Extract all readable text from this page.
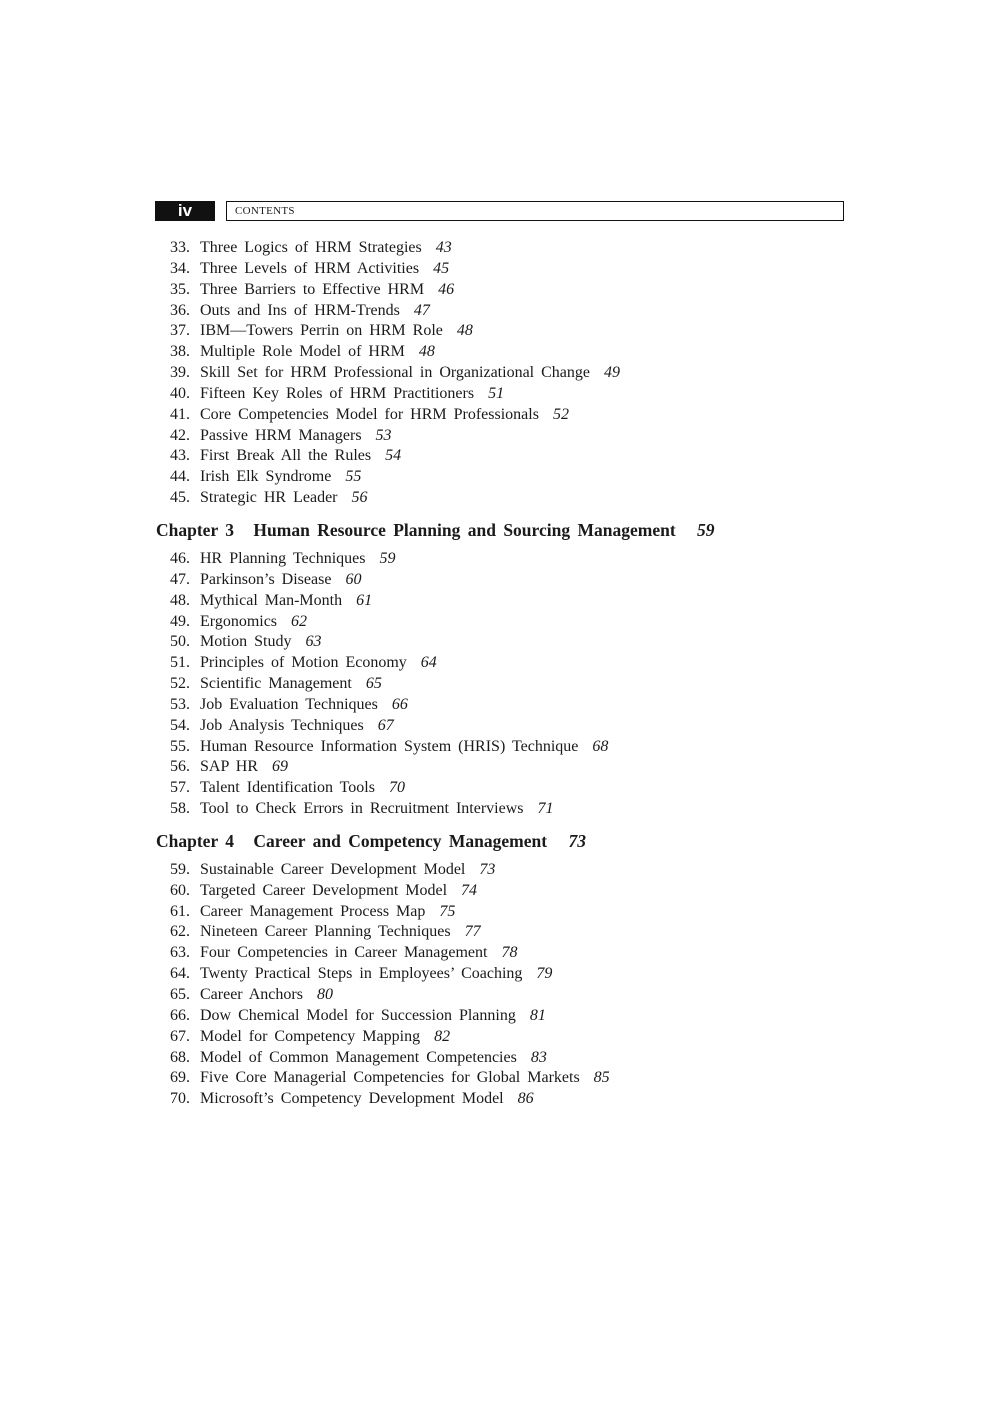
iv	CONTENTS
33. Three Logics of HRM Strategies 43
34. Three Levels of HRM Activities 45
35. Three Barriers to Effective HRM 46
36. Outs and Ins of HRM-Trends 47
37. IBM—Towers Perrin on HRM Role 48
38. Multiple Role Model of HRM 48
39. Skill Set for HRM Professional in Organizational Change 49
40. Fifteen Key Roles of HRM Practitioners 51
41. Core Competencies Model for HRM Professionals 52
42. Passive HRM Managers 53
43. First Break All the Rules 54
44. Irish Elk Syndrome 55
45. Strategic HR Leader 56
Chapter 3 Human Resource Planning and Sourcing Management 59
46. HR Planning Techniques 59
47. Parkinson’s Disease 60
48. Mythical Man-Month 61
49. Ergonomics 62
50. Motion Study 63
51. Principles of Motion Economy 64
52. Scientific Management 65
53. Job Evaluation Techniques 66
54. Job Analysis Techniques 67
55. Human Resource Information System (HRIS) Technique 68
56. SAP HR 69
57. Talent Identification Tools 70
58. Tool to Check Errors in Recruitment Interviews 71
Chapter 4 Career and Competency Management 73
59. Sustainable Career Development Model 73
60. Targeted Career Development Model 74
61. Career Management Process Map 75
62. Nineteen Career Planning Techniques 77
63. Four Competencies in Career Management 78
64. Twenty Practical Steps in Employees’ Coaching 79
65. Career Anchors 80
66. Dow Chemical Model for Succession Planning 81
67. Model for Competency Mapping 82
68. Model of Common Management Competencies 83
69. Five Core Managerial Competencies for Global Markets 85
70. Microsoft’s Competency Development Model 86
